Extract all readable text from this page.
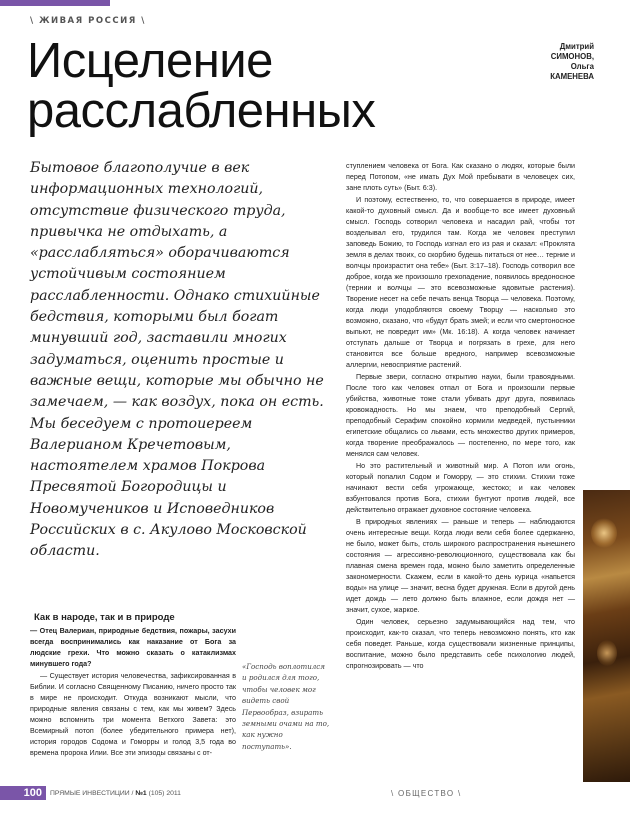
\ ЖИВАЯ РОССИЯ \
Исцеление
расслабленных
Дмитрий
СИМОНОВ,
Ольга
КАМЕНЕВА

Бытовое благополучие в век информационных технологий, отсутствие физического труда, привычка не отдыхать, а «расслабляться» оборачиваются устойчивым состоянием расслабленности. Однако стихийные бедствия, которыми был богат минувший год, заставили многих задуматься, оценить простые и важные вещи, которые мы обычно не замечаем, — как воздух, пока он есть.

Мы беседуем с протоиереем Валерианом Кречетовым, настоятелем храмов Покрова Пресвятой Богородицы и Новомучеников и Исповедников Российских в с. Акулово Московской области.

ступлением человека от Бога. Как сказано о людях, которые были перед Потопом, «не имать Дух Мой пребывати в человецех сих, зане плоть суть» (Быт. 6:3).

И поэтому, естественно, то, что совершается в природе, имеет какой-то духовный смысл. Да и вообще-то все имеет духовный смысл. Господь сотворил человека и насадил рай, чтобы тот возделывал его, трудился там. Когда же человек преступил заповедь Божию, то Господь изгнал его из рая и сказал: «Проклята земля в делах твоих, со скорбию будешь питаться от нее… терние и волчцы произрастит она тебе» (Быт. 3:17–18). Господь сотворил все доброе, когда же произошло грехопадение, появилось вредоносное (тернии и волчцы — это всевозможные ядовитые растения). Творение несет на себе печать венца Творца — человека. Поэтому, когда люди уподобляются своему Творцу — насколько это возможно, сказано, что «будут брать змей; и если что смертоносное выпьют, не повредит им» (Мк. 16:18). А когда человек начинает отступать дальше от Творца и погрязать в грехе, для него становится все больше вредного, например всевозможные аллергии, невосприятие растений.

Первые звери, согласно открытию науки, были травоядными. После того как человек отпал от Бога и произошли первые убийства, животные тоже стали убивать друг друга, появилась кровожадность. Но мы знаем, что преподобный Сергий, преподобный Серафим спокойно кормили медведей, пустынники египетские общались со львами, есть множество других примеров, когда творение преображалось — постепенно, по мере того, как менялся сам человек.

Но это растительный и животный мир. А Потоп или огонь, который попалил Содом и Гоморру, — это стихии. Стихии тоже начинают вести себя угрожающе, жестоко; и как человек взбунтовался против Бога, стихии бунтуют против людей, все действительно отражает духовное состояние человека.

В природных явлениях — раньше и теперь — наблюдаются очень интересные вещи. Когда люди вели себя более сдержанно, не было, может быть, столь широкого распространения нынешнего состояния — агрессивно-революционного, существовала как бы плавная смена времен года, можно было заметить определенные закономерности. Скажем, если в какой-то день курица «напьется воды» на улице — значит, весна будет дружная. Если в другой день идет дождь — лето должно быть влажное, если дождя нет — значит, сухое, жаркое.

Один человек, серьезно задумывающийся над тем, что происходит, как-то сказал, что теперь невозможно понять, кто как себя поведет. Раньше, когда существовали жизненные принципы, воспитание, можно было представить себе психологию людей, спрогнозировать — что

Как в народе, так и в природе

— Отец Валериан, природные бедствия, пожары, засухи всегда воспринимались как наказание от Бога за людские грехи. Что можно сказать о катаклизмах минувшего года?

— Существует история человечества, зафиксированная в Библии. И согласно Священному Писанию, ничего просто так в мире не происходит. Откуда возникают мысли, что природные явления связаны с тем, как мы живем? Здесь можно вспомнить три момента Ветхого Завета: это Всемирный потоп (более убедительного примера нет), история городов Содома и Гоморры и голод 3,5 года во времена пророка Илии. Все эти эпизоды связаны с от-

«Господь воплотился и родился для того, чтобы человек мог видеть свой Первообраз, взирать земными очами на то, как нужно поступать».
100	ПРЯМЫЕ ИНВЕСТИЦИИ / №1 (105) 2011	\ ОБЩЕСТВО \
